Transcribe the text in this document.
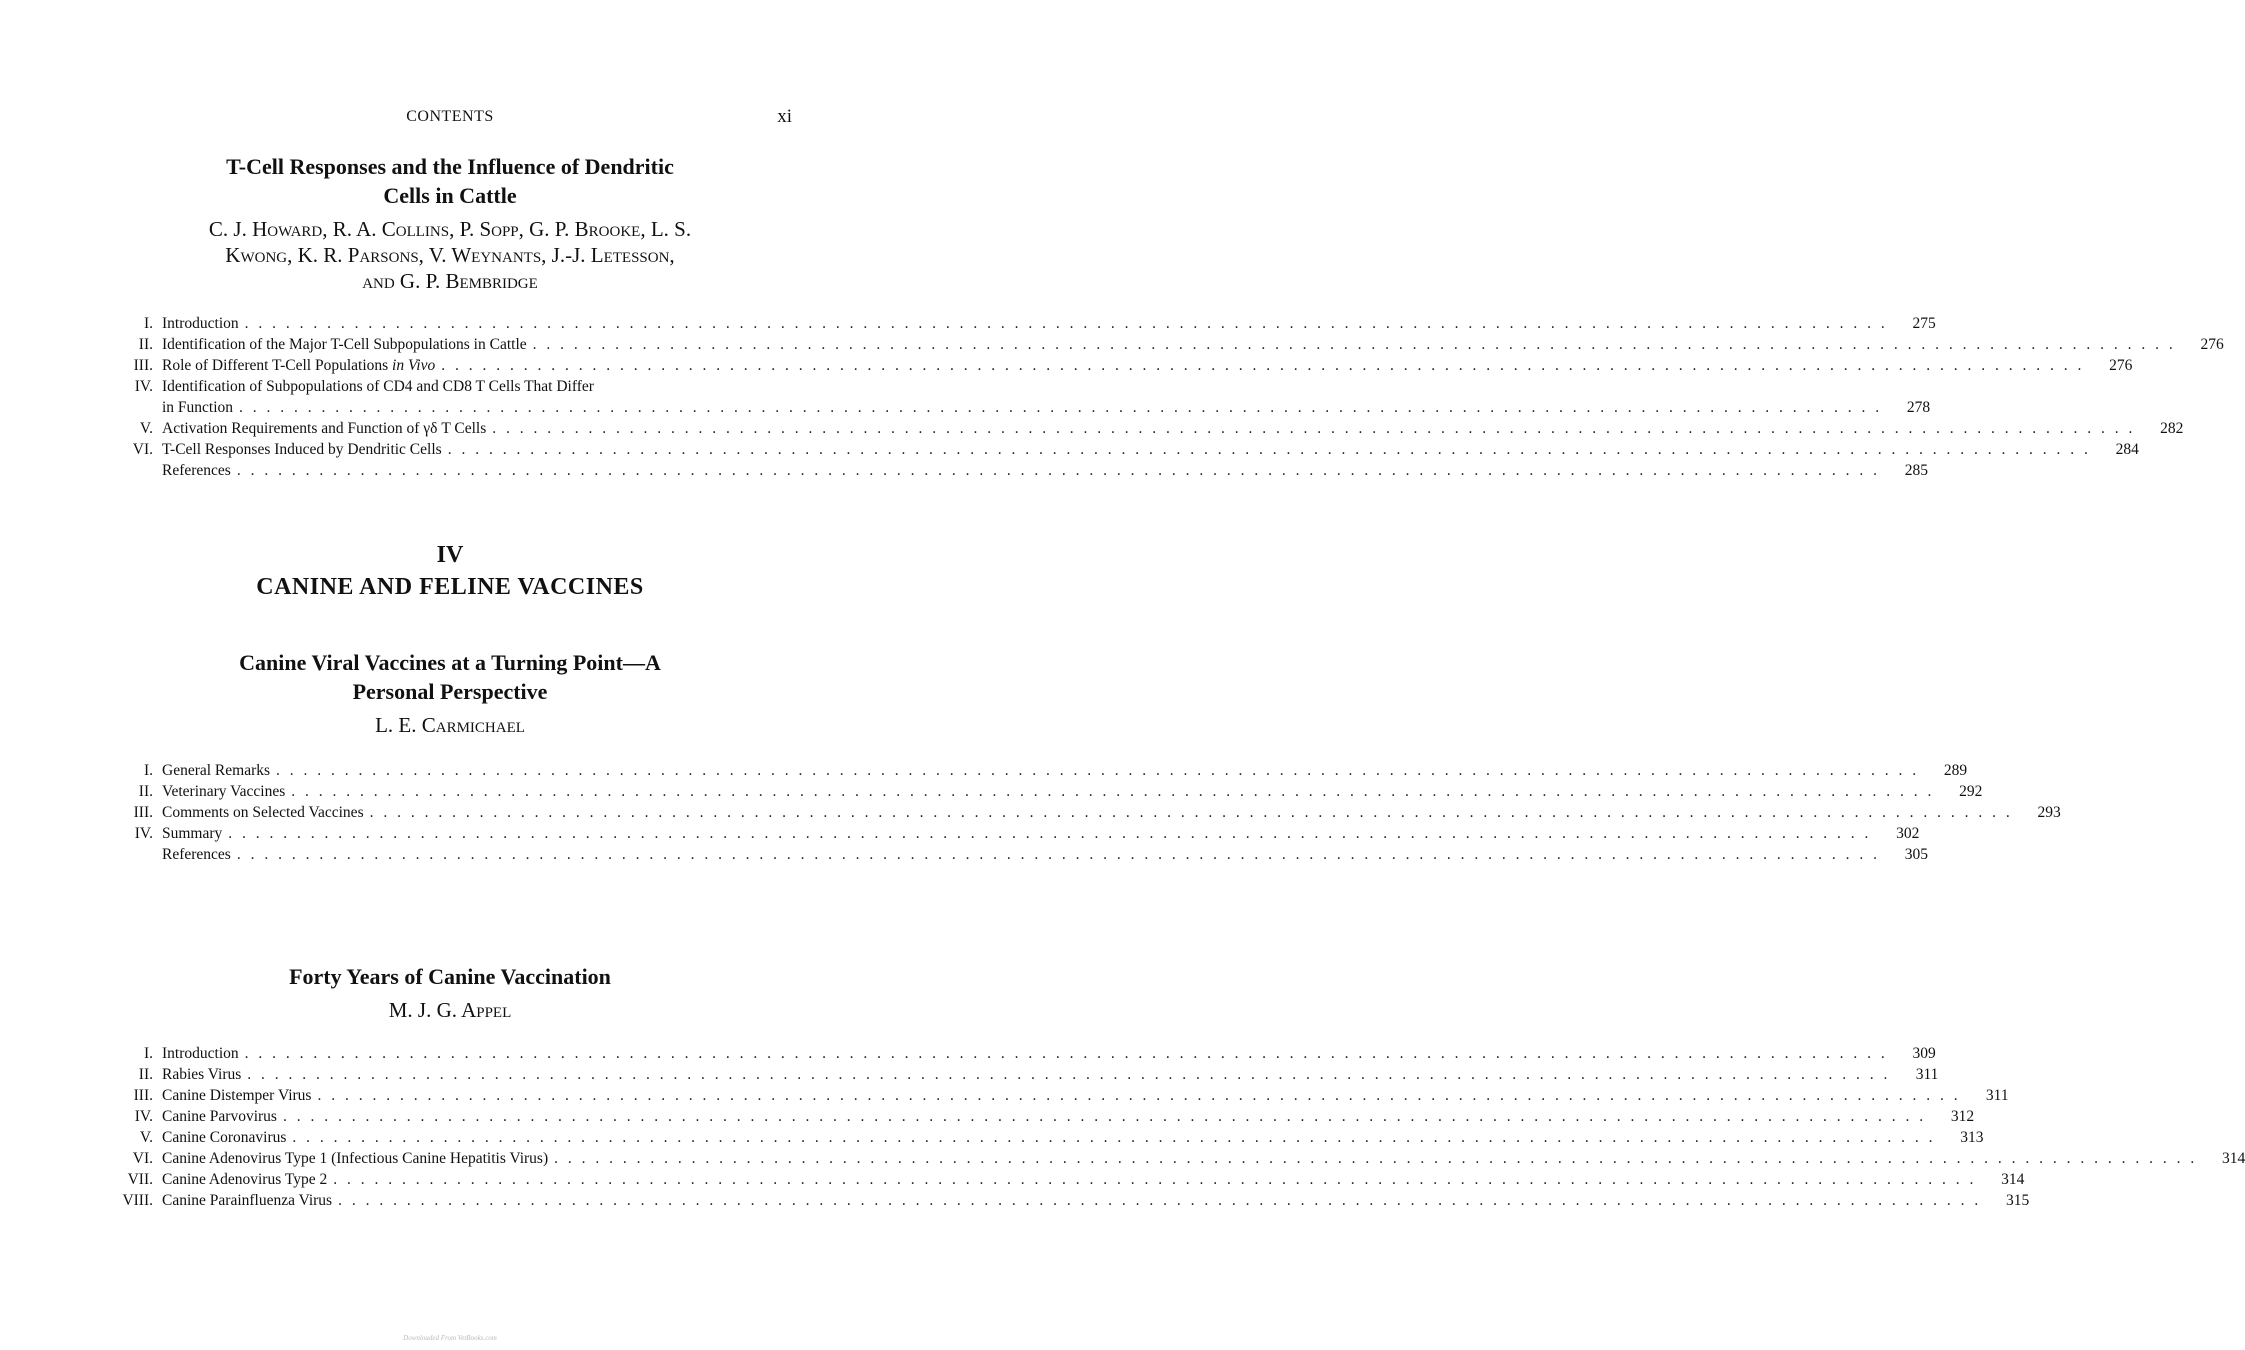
CONTENTS	xi

T-Cell Responses and the Influence of Dendritic
Cells in Cattle

C. J. Howard, R. A. Collins, P. Sopp, G. P. Brooke, L. S.
Kwong, K. R. Parsons, V. Weynants, J.-J. Letesson,
and G. P. Bembridge

I. Introduction . . . . . . . . . . . . . . . . . . . . . . . . . . . . . . . . . . . . . . . . . . . . . . . . . . . . . . . . . . . . . . . . . . . . . . . . . . . . . . . . . . . . . . . . . . . . . . . . . . . . . . . . . . . . . . . . . . . . . . . .	275
II. Identification of the Major T-Cell Subpopulations in Cattle . . . . . . . . . . . . . . . . . . . . . . . . . . . . . . . . . . . . . . . . . . . . . . . . . . . . . . . . . . . . . . . . . . . . . . . . . . . . . . . . . . . . . . . . . . . . . . . . . . . . . . . . . . . . . . . . . . . . . . . .	276
III. Role of Different T-Cell Populations in Vivo . . . . . . . . . . . . . . . . . . . . . . . . . . . . . . . . . . . . . . . . . . . . . . . . . . . . . . . . . . . . . . . . . . . . . . . . . . . . . . . . . . . . . . . . . . . . . . . . . . . . . . . . . . . . . . . . . . . . . . . .	276
IV. Identification of Subpopulations of CD4 and CD8 T Cells That Differ
in Function . . . . . . . . . . . . . . . . . . . . . . . . . . . . . . . . . . . . . . . . . . . . . . . . . . . . . . . . . . . . . . . . . . . . . . . . . . . . . . . . . . . . . . . . . . . . . . . . . . . . . . . . . . . . . . . . . . . . . . . .	278
V. Activation Requirements and Function of γδ T Cells . . . . . . . . . . . . . . . . . . . . . . . . . . . . . . . . . . . . . . . . . . . . . . . . . . . . . . . . . . . . . . . . . . . . . . . . . . . . . . . . . . . . . . . . . . . . . . . . . . . . . . . . . . . . . . . . . . . . . . . .	282
VI. T-Cell Responses Induced by Dendritic Cells . . . . . . . . . . . . . . . . . . . . . . . . . . . . . . . . . . . . . . . . . . . . . . . . . . . . . . . . . . . . . . . . . . . . . . . . . . . . . . . . . . . . . . . . . . . . . . . . . . . . . . . . . . . . . . . . . . . . . . . .	284
References . . . . . . . . . . . . . . . . . . . . . . . . . . . . . . . . . . . . . . . . . . . . . . . . . . . . . . . . . . . . . . . . . . . . . . . . . . . . . . . . . . . . . . . . . . . . . . . . . . . . . . . . . . . . . . . . . . . . . . . .	285
IV
CANINE AND FELINE VACCINES

Canine Viral Vaccines at a Turning Point—A
Personal Perspective

L. E. Carmichael

I. General Remarks . . . . . . . . . . . . . . . . . . . . . . . . . . . . . . . . . . . . . . . . . . . . . . . . . . . . . . . . . . . . . . . . . . . . . . . . . . . . . . . . . . . . . . . . . . . . . . . . . . . . . . . . . . . . . . . . . . . . . . . .	289
II. Veterinary Vaccines . . . . . . . . . . . . . . . . . . . . . . . . . . . . . . . . . . . . . . . . . . . . . . . . . . . . . . . . . . . . . . . . . . . . . . . . . . . . . . . . . . . . . . . . . . . . . . . . . . . . . . . . . . . . . . . . . . . . . . . .	292
III. Comments on Selected Vaccines . . . . . . . . . . . . . . . . . . . . . . . . . . . . . . . . . . . . . . . . . . . . . . . . . . . . . . . . . . . . . . . . . . . . . . . . . . . . . . . . . . . . . . . . . . . . . . . . . . . . . . . . . . . . . . . . . . . . . . . .	293
IV. Summary . . . . . . . . . . . . . . . . . . . . . . . . . . . . . . . . . . . . . . . . . . . . . . . . . . . . . . . . . . . . . . . . . . . . . . . . . . . . . . . . . . . . . . . . . . . . . . . . . . . . . . . . . . . . . . . . . . . . . . . .	302
References . . . . . . . . . . . . . . . . . . . . . . . . . . . . . . . . . . . . . . . . . . . . . . . . . . . . . . . . . . . . . . . . . . . . . . . . . . . . . . . . . . . . . . . . . . . . . . . . . . . . . . . . . . . . . . . . . . . . . . . .	305

Forty Years of Canine Vaccination

M. J. G. Appel

I. Introduction . . . . . . . . . . . . . . . . . . . . . . . . . . . . . . . . . . . . . . . . . . . . . . . . . . . . . . . . . . . . . . . . . . . . . . . . . . . . . . . . . . . . . . . . . . . . . . . . . . . . . . . . . . . . . . . . . . . . . . . .	309
II. Rabies Virus . . . . . . . . . . . . . . . . . . . . . . . . . . . . . . . . . . . . . . . . . . . . . . . . . . . . . . . . . . . . . . . . . . . . . . . . . . . . . . . . . . . . . . . . . . . . . . . . . . . . . . . . . . . . . . . . . . . . . . . .	311
III. Canine Distemper Virus . . . . . . . . . . . . . . . . . . . . . . . . . . . . . . . . . . . . . . . . . . . . . . . . . . . . . . . . . . . . . . . . . . . . . . . . . . . . . . . . . . . . . . . . . . . . . . . . . . . . . . . . . . . . . . . . . . . . . . . .	311
IV. Canine Parvovirus . . . . . . . . . . . . . . . . . . . . . . . . . . . . . . . . . . . . . . . . . . . . . . . . . . . . . . . . . . . . . . . . . . . . . . . . . . . . . . . . . . . . . . . . . . . . . . . . . . . . . . . . . . . . . . . . . . . . . . . .	312
V. Canine Coronavirus . . . . . . . . . . . . . . . . . . . . . . . . . . . . . . . . . . . . . . . . . . . . . . . . . . . . . . . . . . . . . . . . . . . . . . . . . . . . . . . . . . . . . . . . . . . . . . . . . . . . . . . . . . . . . . . . . . . . . . . .	313
VI. Canine Adenovirus Type 1 (Infectious Canine Hepatitis Virus) . . . . . . . . . . . . . . . . . . . . . . . . . . . . . . . . . . . . . . . . . . . . . . . . . . . . . . . . . . . . . . . . . . . . . . . . . . . . . . . . . . . . . . . . . . . . . . . . . . . . . . . . . . . . . . . . . . . . . . . .	314
VII. Canine Adenovirus Type 2 . . . . . . . . . . . . . . . . . . . . . . . . . . . . . . . . . . . . . . . . . . . . . . . . . . . . . . . . . . . . . . . . . . . . . . . . . . . . . . . . . . . . . . . . . . . . . . . . . . . . . . . . . . . . . . . . . . . . . . . .	314
VIII. Canine Parainfluenza Virus . . . . . . . . . . . . . . . . . . . . . . . . . . . . . . . . . . . . . . . . . . . . . . . . . . . . . . . . . . . . . . . . . . . . . . . . . . . . . . . . . . . . . . . . . . . . . . . . . . . . . . . . . . . . . . . . . . . . . . . .	315
Downloaded From VetBooks.com
